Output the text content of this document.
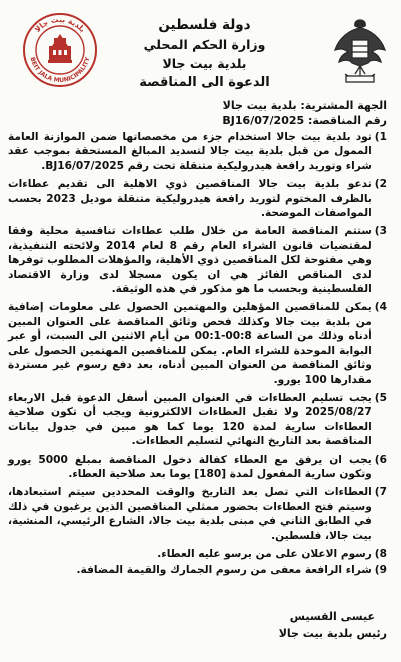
دولة فلسطين
وزارة الحكم المحلي
بلدية بيت جالا
الدعوة الى المناقصة
بلدية بيت جالا
BEIT JALA MUNICIPALITY
الجهة المشترية: بلدية بيت جالا
رقم المناقصة: BJ16/07/2025
1)
تود بلدية بيت جالا استخدام جزء من مخصصاتها ضمن الموازنة العامة الممول من قبل بلدية بيت جالا لتسديد المبالغ المستحقة بموجب عقد شراء وتوريد رافعة هيدروليكية متنقلة تحت رقم BJ16/07/2025.
2)
تدعو بلدية بيت جالا المناقصين ذوي الاهلية الى تقديم عطاءات بالظرف المختوم لتوريد رافعة هيدروليكية متنقلة موديل 2023 بحسب المواصفات الموضحة.
3)
ستتم المناقصة العامة من خلال طلب عطاءات تنافسية محلية وفقا لمقتضيات قانون الشراء العام رقم 8 لعام 2014 ولائحته التنفيذية، وهي مفتوحة لكل المناقصين ذوي الأهلية، والمؤهلات المطلوب توفرها لدى المناقص الفائز هي ان يكون مسجلا لدى وزارة الاقتصاد الفلسطينية وبحسب ما هو مذكور في هذه الوثيقة.
4)
يمكن للمناقصين المؤهلين والمهتمين الحصول على معلومات إضافية من بلدية بيت جالا وكذلك فحص وثائق المناقصة على العنوان المبين أدناه وذلك من الساعة 00:8-00:1 من أيام الاثنين الى السبت، أو عبر البوابة الموحدة للشراء العام. يمكن للمناقصين المهتمين الحصول على وثائق المناقصة من العنوان المبين أدناه، بعد دفع رسوم غير مستردة مقدارها 100 يورو.
5)
يجب تسليم العطاءات في العنوان المبين أسفل الدعوة قبل الاربعاء 2025/08/27 ولا تقبل العطاءات الالكترونية ويجب أن تكون صلاحية العطاءات سارية لمدة 120 يوما كما هو مبين في جدول بيانات المناقصة بعد التاريخ النهائي لتسليم العطاءات.
6)
يجب ان يرفق مع العطاء كفالة دخول المناقصة بمبلغ 5000 يورو وتكون سارية المفعول لمدة [180] يوما بعد صلاحية العطاء.
7)
العطاءات التي تصل بعد التاريخ والوقت المحددين سيتم استبعادها، وسيتم فتح العطاءات بحضور ممثلي المناقصين الذين يرغبون في ذلك في الطابق الثاني في مبنى بلدية بيت جالا، الشارع الرئيسي، المنشية، بيت جالا، فلسطين.
8)
رسوم الاعلان على من يرسو عليه العطاء.
9)
شراء الرافعة معفى من رسوم الجمارك والقيمة المضافة.
عيسى القسيس
رئيس بلدية بيت جالا
